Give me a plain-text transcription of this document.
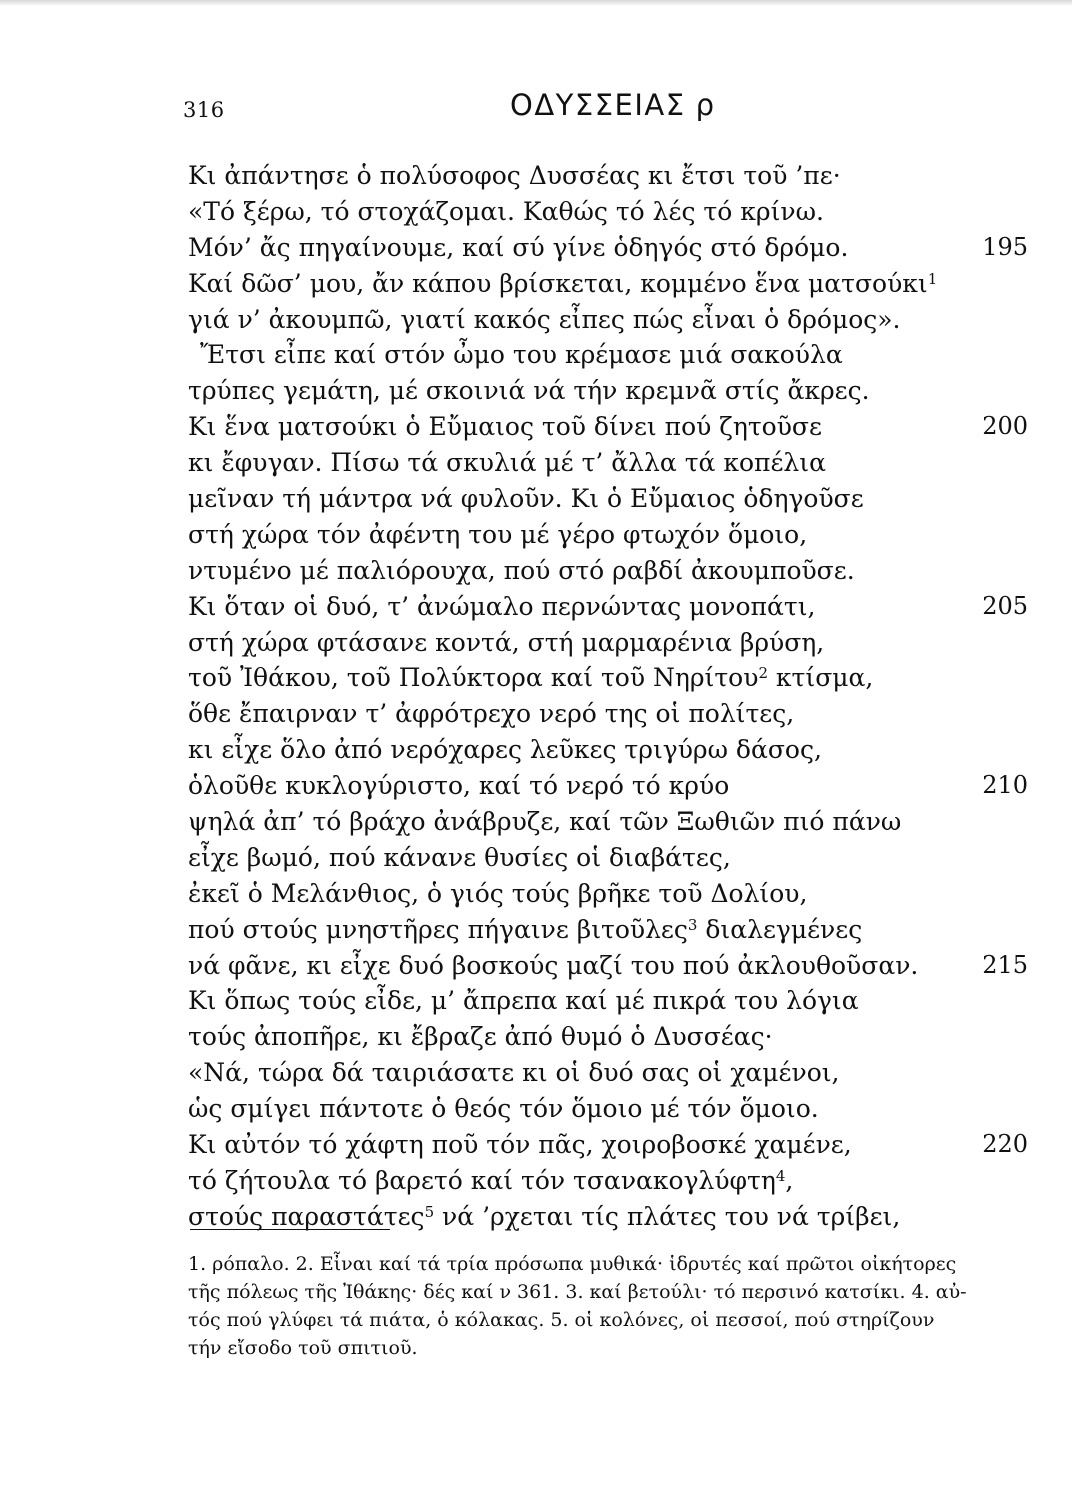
316	ΟΔΥΣΣΕΙΑΣ ρ
Κι ἀπάντησε ὁ πολύσοφος Δυσσέας κι ἔτσι τοῦ ’πε·
«Τό ξέρω, τό στοχάζομαι. Καθώς τό λές τό κρίνω.
Μόν’ ἄς πηγαίνουμε, καί σύ γίνε ὁδηγός στό δρόμο.	195
Καί δῶσ’ μου, ἄν κάπου βρίσκεται, κομμένο ἕνα ματσούκι$^1$
γιά ν’ ἀκουμπῶ, γιατί κακός εἶπες πώς εἶναι ὁ δρόμος».
Ἔτσι εἶπε καί στόν ὦμο του κρέμασε μιά σακούλα
τρύπες γεμάτη, μέ σκοινιά νά τήν κρεμνᾶ στίς ἄκρες.
Κι ἕνα ματσούκι ὁ Εὔμαιος τοῦ δίνει πού ζητοῦσε	200
κι ἔφυγαν. Πίσω τά σκυλιά μέ τ’ ἄλλα τά κοπέλια
μεῖναν τή μάντρα νά φυλοῦν. Κι ὁ Εὔμαιος ὁδηγοῦσε
στή χώρα τόν ἀφέντη του μέ γέρο φτωχόν ὅμοιο,
ντυμένο μέ παλιόρουχα, πού στό ραβδί ἀκουμποῦσε.
Κι ὅταν οἱ δυό, τ’ ἀνώμαλο περνώντας μονοπάτι,	205
στή χώρα φτάσανε κοντά, στή μαρμαρένια βρύση,
τοῦ Ἰθάκου, τοῦ Πολύκτορα καί τοῦ Νηρίτου$^2$ κτίσμα,
ὅθε ἔπαιρναν τ’ ἀφρότρεχο νερό της οἱ πολίτες,
κι εἶχε ὅλο ἀπό νερόχαρες λεῦκες τριγύρω δάσος,
ὁλοῦθε κυκλογύριστο, καί τό νερό τό κρύο	210
ψηλά ἀπ’ τό βράχο ἀνάβρυζε, καί τῶν Ξωθιῶν πιό πάνω
εἶχε βωμό, πού κάνανε θυσίες οἱ διαβάτες,
ἐκεῖ ὁ Μελάνθιος, ὁ γιός τούς βρῆκε τοῦ Δολίου,
πού στούς μνηστῆρες πήγαινε βιτοῦλες$^3$ διαλεγμένες
νά φᾶνε, κι εἶχε δυό βοσκούς μαζί του πού ἀκλουθοῦσαν.	215
Κι ὅπως τούς εἶδε, μ’ ἄπρεπα καί μέ πικρά του λόγια
τούς ἀποπῆρε, κι ἔβραζε ἀπό θυμό ὁ Δυσσέας·
«Νά, τώρα δά ταιριάσατε κι οἱ δυό σας οἱ χαμένοι,
ὡς σμίγει πάντοτε ὁ θεός τόν ὅμοιο μέ τόν ὅμοιο.
Κι αὐτόν τό χάφτη ποῦ τόν πᾶς, χοιροβοσκέ χαμένε,	220
τό ζήτουλα τό βαρετό καί τόν τσανακογλύφτη$^4$,
στούς παραστάτες$^5$ νά ’ρχεται τίς πλάτες του νά τρίβει,
1. ρόπαλο. 2. Εἶναι καί τά τρία πρόσωπα μυθικά· ἱδρυτές καί πρῶτοι οἰκήτορες
τῆς πόλεως τῆς Ἰθάκης· δές καί ν 361. 3. καί βετούλι· τό περσινό κατσίκι. 4. αὐ-
τός πού γλύφει τά πιάτα, ὁ κόλακας. 5. οἱ κολόνες, οἱ πεσσοί, πού στηρίζουν
τήν εἴσοδο τοῦ σπιτιοῦ.
